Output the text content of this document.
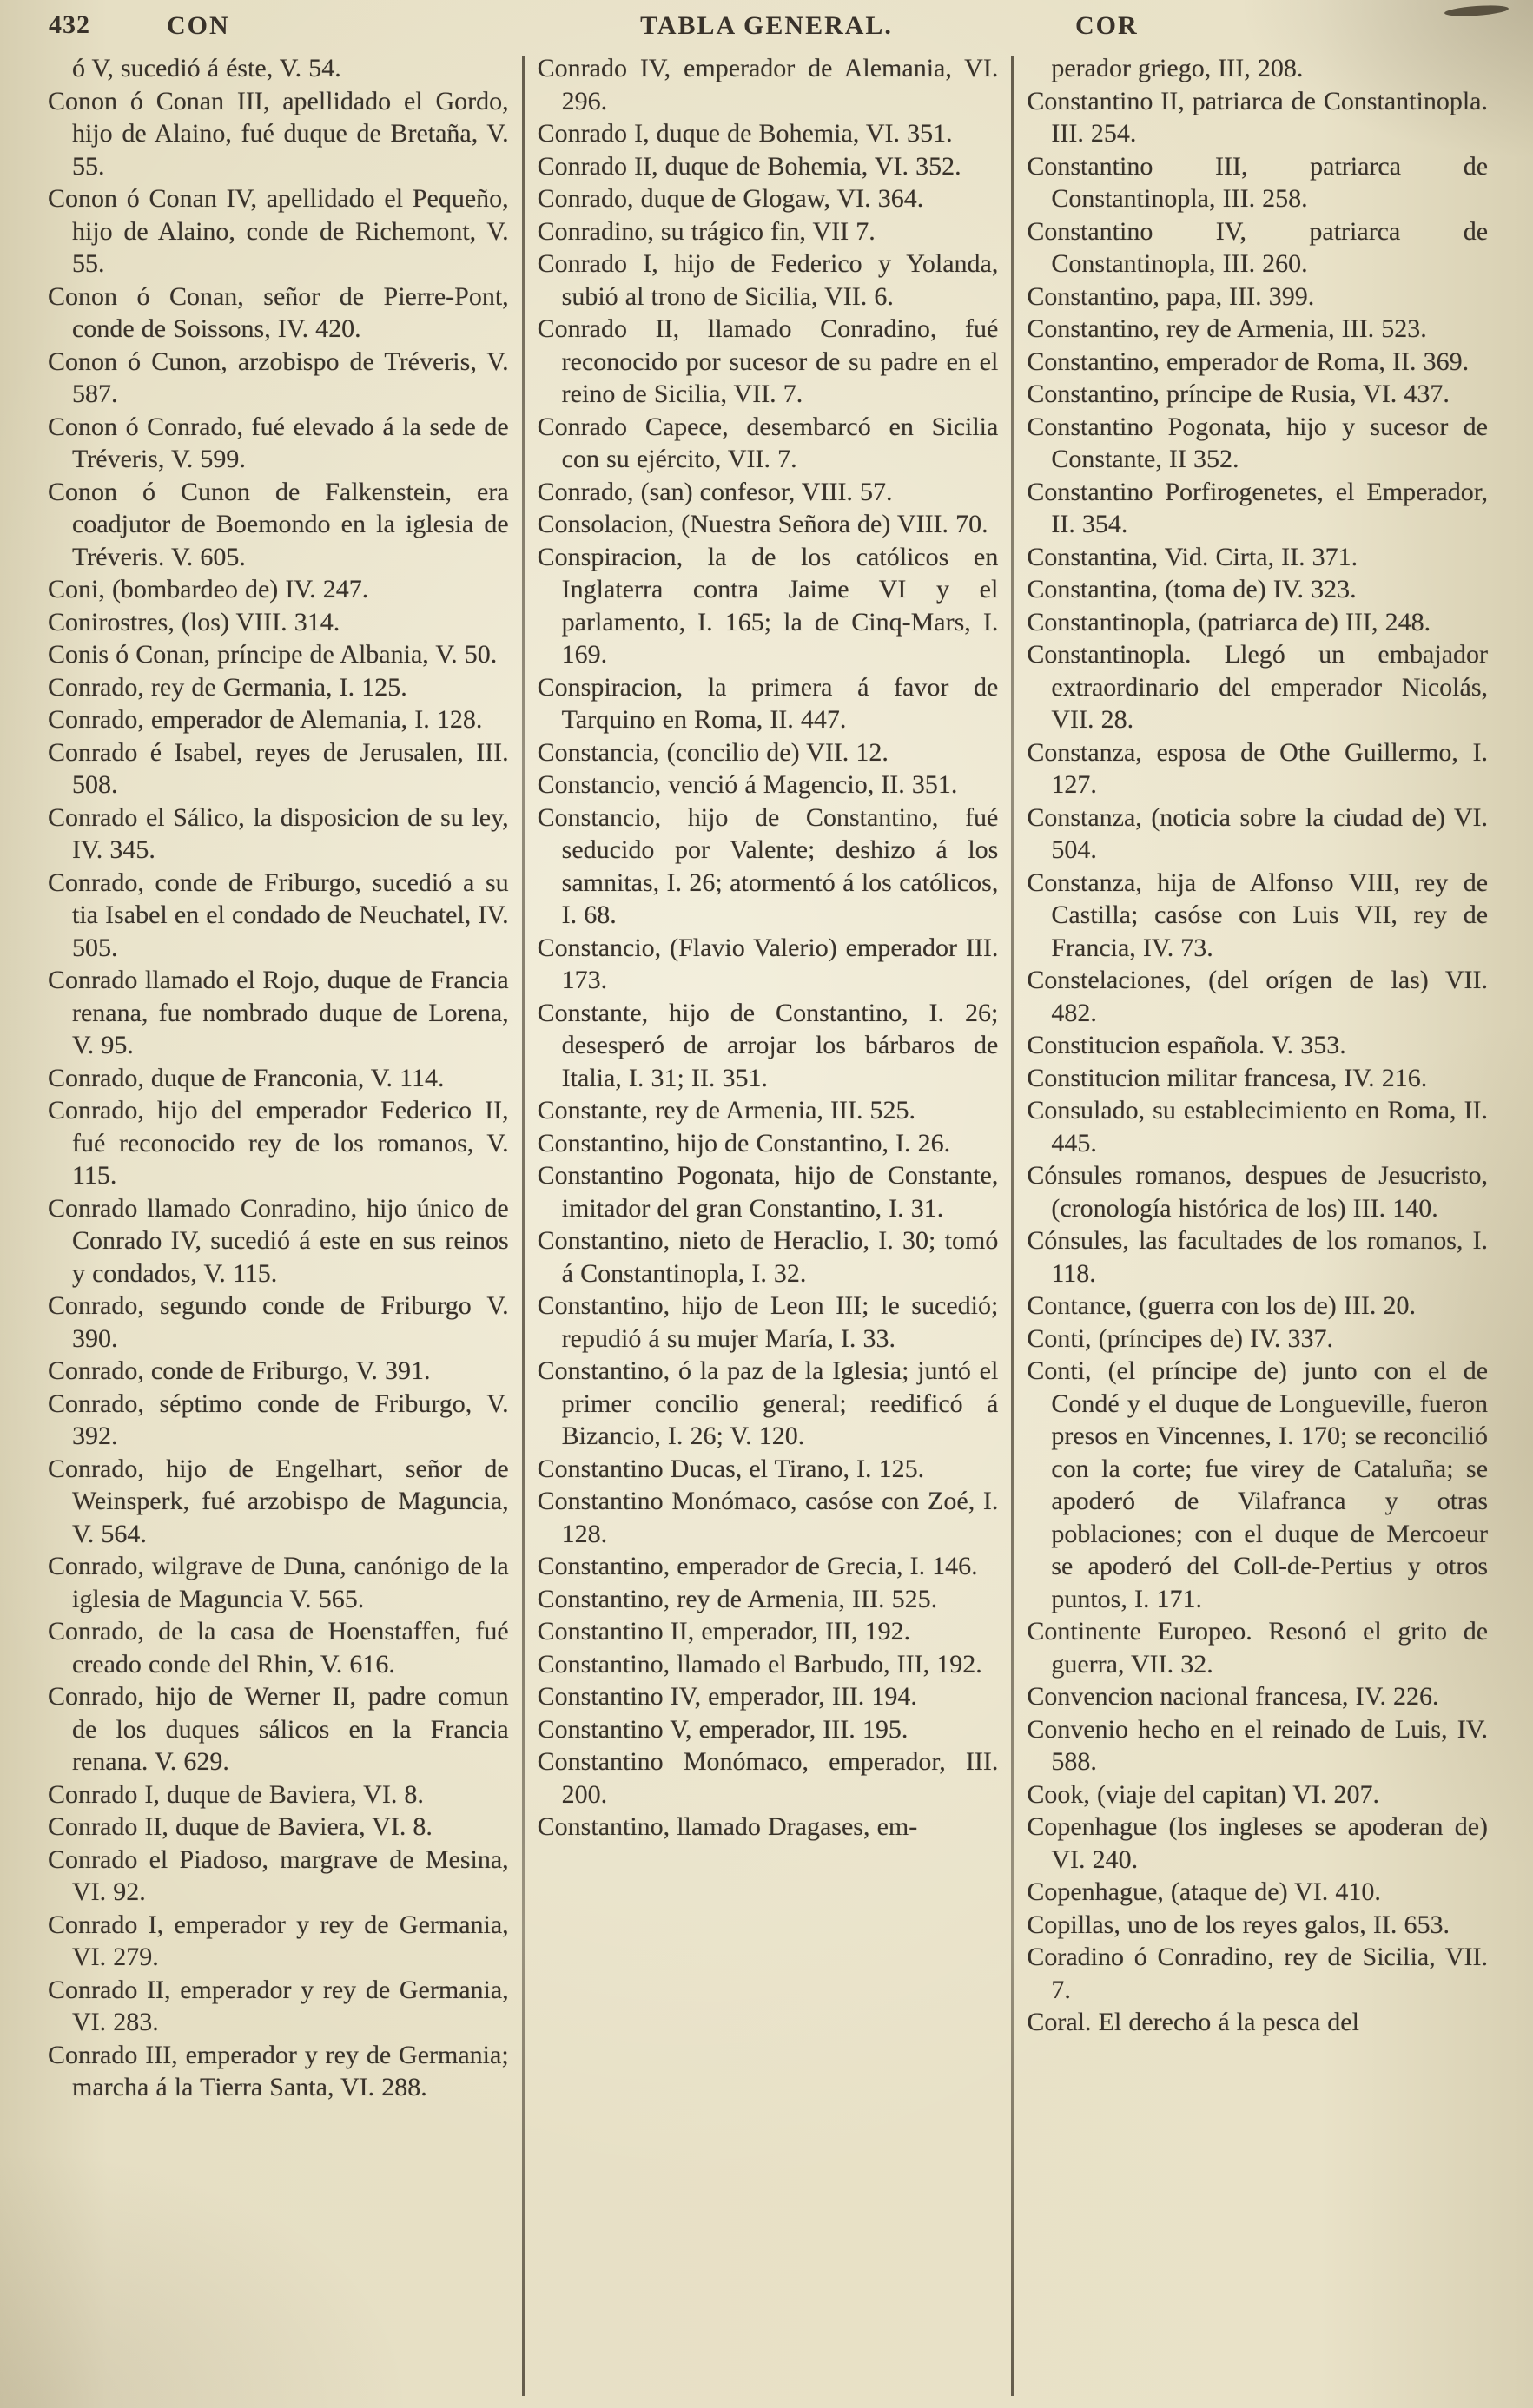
432	CON	TABLA GENERAL.	COR

ó V, sucedió á éste, V. 54.

Conon ó Conan III, apellidado el Gordo, hijo de Alaino, fué duque de Bretaña, V. 55.

Conon ó Conan IV, apellidado el Pequeño, hijo de Alaino, conde de Richemont, V. 55.

Conon ó Conan, señor de Pierre-Pont, conde de Soissons, IV. 420.

Conon ó Cunon, arzobispo de Tréveris, V. 587.

Conon ó Conrado, fué elevado á la sede de Tréveris, V. 599.

Conon ó Cunon de Falkenstein, era coadjutor de Boemondo en la iglesia de Tréveris. V. 605.

Coni, (bombardeo de) IV. 247.

Conirostres, (los) VIII. 314.

Conis ó Conan, príncipe de Albania, V. 50.

Conrado, rey de Germania, I. 125.

Conrado, emperador de Alemania, I. 128.

Conrado é Isabel, reyes de Jerusalen, III. 508.

Conrado el Sálico, la disposicion de su ley, IV. 345.

Conrado, conde de Friburgo, sucedió a su tia Isabel en el condado de Neuchatel, IV. 505.

Conrado llamado el Rojo, duque de Francia renana, fue nombrado duque de Lorena, V. 95.

Conrado, duque de Franconia, V. 114.

Conrado, hijo del emperador Federico II, fué reconocido rey de los romanos, V. 115.

Conrado llamado Conradino, hijo único de Conrado IV, sucedió á este en sus reinos y condados, V. 115.

Conrado, segundo conde de Friburgo V. 390.

Conrado, conde de Friburgo, V. 391.

Conrado, séptimo conde de Friburgo, V. 392.

Conrado, hijo de Engelhart, señor de Weinsperk, fué arzobispo de Maguncia, V. 564.

Conrado, wilgrave de Duna, canónigo de la iglesia de Maguncia V. 565.

Conrado, de la casa de Hoenstaffen, fué creado conde del Rhin, V. 616.

Conrado, hijo de Werner II, padre comun de los duques sálicos en la Francia renana. V. 629.

Conrado I, duque de Baviera, VI. 8.

Conrado II, duque de Baviera, VI. 8.

Conrado el Piadoso, margrave de Mesina, VI. 92.

Conrado I, emperador y rey de Germania, VI. 279.

Conrado II, emperador y rey de Germania, VI. 283.

Conrado III, emperador y rey de Germania; marcha á la Tierra Santa, VI. 288.

Conrado IV, emperador de Alemania, VI. 296.

Conrado I, duque de Bohemia, VI. 351.

Conrado II, duque de Bohemia, VI. 352.

Conrado, duque de Glogaw, VI. 364.

Conradino, su trágico fin, VII 7.

Conrado I, hijo de Federico y Yolanda, subió al trono de Sicilia, VII. 6.

Conrado II, llamado Conradino, fué reconocido por sucesor de su padre en el reino de Sicilia, VII. 7.

Conrado Capece, desembarcó en Sicilia con su ejército, VII. 7.

Conrado, (san) confesor, VIII. 57.

Consolacion, (Nuestra Señora de) VIII. 70.

Conspiracion, la de los católicos en Inglaterra contra Jaime VI y el parlamento, I. 165; la de Cinq-Mars, I. 169.

Conspiracion, la primera á favor de Tarquino en Roma, II. 447.

Constancia, (concilio de) VII. 12.

Constancio, venció á Magencio, II. 351.

Constancio, hijo de Constantino, fué seducido por Valente; deshizo á los samnitas, I. 26; atormentó á los católicos, I. 68.

Constancio, (Flavio Valerio) emperador III. 173.

Constante, hijo de Constantino, I. 26; desesperó de arrojar los bárbaros de Italia, I. 31; II. 351.

Constante, rey de Armenia, III. 525.

Constantino, hijo de Constantino, I. 26.

Constantino Pogonata, hijo de Constante, imitador del gran Constantino, I. 31.

Constantino, nieto de Heraclio, I. 30; tomó á Constantinopla, I. 32.

Constantino, hijo de Leon III; le sucedió; repudió á su mujer María, I. 33.

Constantino, ó la paz de la Iglesia; juntó el primer concilio general; reedificó á Bizancio, I. 26; V. 120.

Constantino Ducas, el Tirano, I. 125.

Constantino Monómaco, casóse con Zoé, I. 128.

Constantino, emperador de Grecia, I. 146.

Constantino, rey de Armenia, III. 525.

Constantino II, emperador, III, 192.

Constantino, llamado el Barbudo, III, 192.

Constantino IV, emperador, III. 194.

Constantino V, emperador, III. 195.

Constantino Monómaco, emperador, III. 200.

Constantino, llamado Dragases, em-

perador griego, III, 208.

Constantino II, patriarca de Constantinopla. III. 254.

Constantino III, patriarca de Constantinopla, III. 258.

Constantino IV, patriarca de Constantinopla, III. 260.

Constantino, papa, III. 399.

Constantino, rey de Armenia, III. 523.

Constantino, emperador de Roma, II. 369.

Constantino, príncipe de Rusia, VI. 437.

Constantino Pogonata, hijo y sucesor de Constante, II 352.

Constantino Porfirogenetes, el Emperador, II. 354.

Constantina, Vid. Cirta, II. 371.

Constantina, (toma de) IV. 323.

Constantinopla, (patriarca de) III, 248.

Constantinopla. Llegó un embajador extraordinario del emperador Nicolás, VII. 28.

Constanza, esposa de Othe Guillermo, I. 127.

Constanza, (noticia sobre la ciudad de) VI. 504.

Constanza, hija de Alfonso VIII, rey de Castilla; casóse con Luis VII, rey de Francia, IV. 73.

Constelaciones, (del orígen de las) VII. 482.

Constitucion española. V. 353.

Constitucion militar francesa, IV. 216.

Consulado, su establecimiento en Roma, II. 445.

Cónsules romanos, despues de Jesucristo, (cronología histórica de los) III. 140.

Cónsules, las facultades de los romanos, I. 118.

Contance, (guerra con los de) III. 20.

Conti, (príncipes de) IV. 337.

Conti, (el príncipe de) junto con el de Condé y el duque de Longueville, fueron presos en Vincennes, I. 170; se reconcilió con la corte; fue virey de Cataluña; se apoderó de Vilafranca y otras poblaciones; con el duque de Mercoeur se apoderó del Coll-de-Pertius y otros puntos, I. 171.

Continente Europeo. Resonó el grito de guerra, VII. 32.

Convencion nacional francesa, IV. 226.

Convenio hecho en el reinado de Luis, IV. 588.

Cook, (viaje del capitan) VI. 207.

Copenhague (los ingleses se apoderan de) VI. 240.

Copenhague, (ataque de) VI. 410.

Copillas, uno de los reyes galos, II. 653.

Coradino ó Conradino, rey de Sicilia, VII. 7.

Coral. El derecho á la pesca del
